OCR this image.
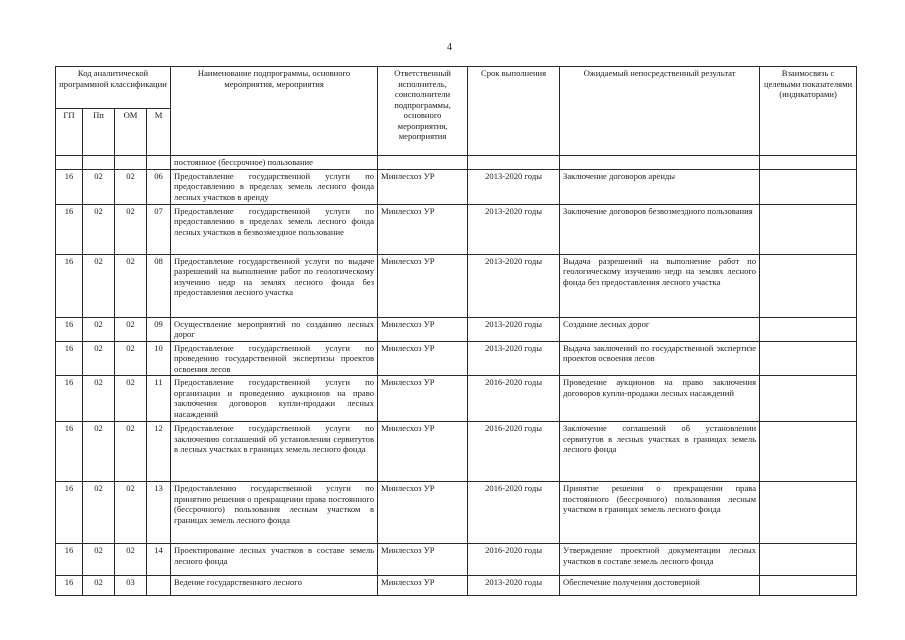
4
Код аналитической программной классификации				Наименование подпрограммы, основного мероприятия, мероприятия	Ответственный исполнитель, соисполнители подпрограммы, основного мероприятия, мероприятия	Срок выполнения	Ожидаемый непосредственный результат	Взаимосвязь с целевыми показателями (индикаторами)
ГП	Пп	ОМ	М					
				постоянное (бессрочное) пользование				
16	02	02	06	Предоставление государственной услуги по предоставлению в пределах земель лесного фонда лесных участков в аренду	Минлесхоз УР	2013-2020 годы	Заключение договоров аренды	
16	02	02	07	Предоставление государственной услуги по предоставлению в пределах земель лесного фонда лесных участков в безвозмездное пользование	Минлесхоз УР	2013-2020 годы	Заключение договоров безвозмездного пользования	
16	02	02	08	Предоставление государственной услуги по выдаче разрешений на выполнение работ по геологическому изучению недр на землях лесного фонда без предоставления лесного участка	Минлесхоз УР	2013-2020 годы	Выдача разрешений на выполнение работ по геологическому изучению недр на землях лесного фонда без предоставления лесного участка	
16	02	02	09	Осуществление мероприятий по созданию лесных дорог	Минлесхоз УР	2013-2020 годы	Создание лесных дорог	
16	02	02	10	Предоставление государственной услуги по проведению государственной экспертизы проектов освоения лесов	Минлесхоз УР	2013-2020 годы	Выдача заключений по государственной экспертизе проектов освоения лесов	
16	02	02	11	Предоставление государственной услуги по организации и проведению аукционов на право заключения договоров купли-продажи лесных насаждений	Минлесхоз УР	2016-2020 годы	Проведение аукционов на право заключения договоров купли-продажи лесных насаждений	
16	02	02	12	Предоставление государственной услуги по заключению соглашений об установлении сервитутов в лесных участках в границах земель лесного фонда	Минлесхоз УР	2016-2020 годы	Заключение соглашений об установлении сервитутов в лесных участках в границах земель лесного фонда	
16	02	02	13	Предоставлению государственной услуги по принятию решения о прекращении права постоянного (бессрочного) пользования лесным участком в границах земель лесного фонда	Минлесхоз УР	2016-2020 годы	Принятие решения о прекращении права постоянного (бессрочного) пользования лесным участком в границах земель лесного фонда	
16	02	02	14	Проектирование лесных участков в составе земель лесного фонда	Минлесхоз УР	2016-2020 годы	Утверждение проектной документации лесных участков в составе земель лесного фонда	
16	02	03		Ведение государственного лесного	Минлесхоз УР	2013-2020 годы	Обеспечение получения достоверной	
